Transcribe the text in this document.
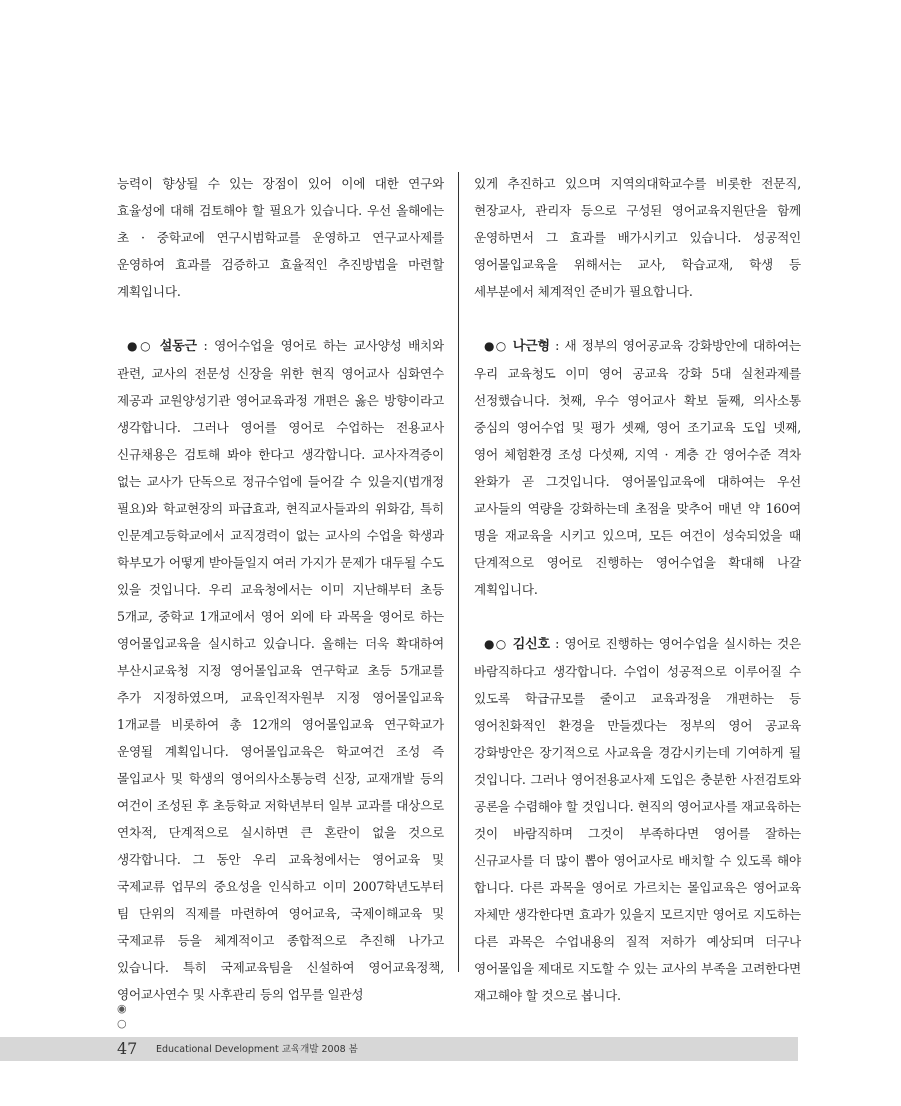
능력이 향상될 수 있는 장점이 있어 이에 대한 연구와 효율성에 대해 검토해야 할 필요가 있습니다. 우선 올해에는 초 · 중학교에 연구시범학교를 운영하고 연구교사제를 운영하여 효과를 검증하고 효율적인 추진방법을 마련할 계획입니다.

●○ 설동근 : 영어수업을 영어로 하는 교사양성 배치와 관련, 교사의 전문성 신장을 위한 현직 영어교사 심화연수 제공과 교원양성기관 영어교육과정 개편은 옳은 방향이라고 생각합니다. 그러나 영어를 영어로 수업하는 전용교사 신규채용은 검토해 봐야 한다고 생각합니다. 교사자격증이 없는 교사가 단독으로 정규수업에 들어갈 수 있을지(법개정 필요)와 학교현장의 파급효과, 현직교사들과의 위화감, 특히 인문계고등학교에서 교직경력이 없는 교사의 수업을 학생과 학부모가 어떻게 받아들일지 여러 가지가 문제가 대두될 수도 있을 것입니다. 우리 교육청에서는 이미 지난해부터 초등 5개교, 중학교 1개교에서 영어 외에 타 과목을 영어로 하는 영어몰입교육을 실시하고 있습니다. 올해는 더욱 확대하여 부산시교육청 지정 영어몰입교육 연구학교 초등 5개교를 추가 지정하였으며, 교육인적자원부 지정 영어몰입교육 1개교를 비롯하여 총 12개의 영어몰입교육 연구학교가 운영될 계획입니다. 영어몰입교육은 학교여건 조성 즉 몰입교사 및 학생의 영어의사소통능력 신장, 교재개발 등의 여건이 조성된 후 초등학교 저학년부터 일부 교과를 대상으로 연차적, 단계적으로 실시하면 큰 혼란이 없을 것으로 생각합니다. 그 동안 우리 교육청에서는 영어교육 및 국제교류 업무의 중요성을 인식하고 이미 2007학년도부터 팀 단위의 직제를 마련하여 영어교육, 국제이해교육 및 국제교류 등을 체계적이고 종합적으로 추진해 나가고 있습니다. 특히 국제교육팀을 신설하여 영어교육정책, 영어교사연수 및 사후관리 등의 업무를 일관성

있게 추진하고 있으며 지역의대학교수를 비롯한 전문직, 현장교사, 관리자 등으로 구성된 영어교육지원단을 함께 운영하면서 그 효과를 배가시키고 있습니다. 성공적인 영어몰입교육을 위해서는 교사, 학습교재, 학생 등 세부분에서 체계적인 준비가 필요합니다.

●○ 나근형 : 새 정부의 영어공교육 강화방안에 대하여는 우리 교육청도 이미 영어 공교육 강화 5대 실천과제를 선정했습니다. 첫째, 우수 영어교사 확보 둘째, 의사소통 중심의 영어수업 및 평가 셋째, 영어 조기교육 도입 넷째, 영어 체험환경 조성 다섯째, 지역 · 계층 간 영어수준 격차 완화가 곧 그것입니다. 영어몰입교육에 대하여는 우선 교사들의 역량을 강화하는데 초점을 맞추어 매년 약 160여 명을 재교육을 시키고 있으며, 모든 여건이 성숙되었을 때 단계적으로 영어로 진행하는 영어수업을 확대해 나갈 계획입니다.

●○ 김신호 : 영어로 진행하는 영어수업을 실시하는 것은 바람직하다고 생각합니다. 수업이 성공적으로 이루어질 수 있도록 학급규모를 줄이고 교육과정을 개편하는 등 영어친화적인 환경을 만들겠다는 정부의 영어 공교육 강화방안은 장기적으로 사교육을 경감시키는데 기여하게 될 것입니다. 그러나 영어전용교사제 도입은 충분한 사전검토와 공론을 수렴해야 할 것입니다. 현직의 영어교사를 재교육하는 것이 바람직하며 그것이 부족하다면 영어를 잘하는 신규교사를 더 많이 뽑아 영어교사로 배치할 수 있도록 해야 합니다. 다른 과목을 영어로 가르치는 몰입교육은 영어교육 자체만 생각한다면 효과가 있을지 모르지만 영어로 지도하는 다른 과목은 수업내용의 질적 저하가 예상되며 더구나 영어몰입을 제대로 지도할 수 있는 교사의 부족을 고려한다면 재고해야 할 것으로 봅니다.

◉
○
47 Educational Development 교육개발 2008 봄
